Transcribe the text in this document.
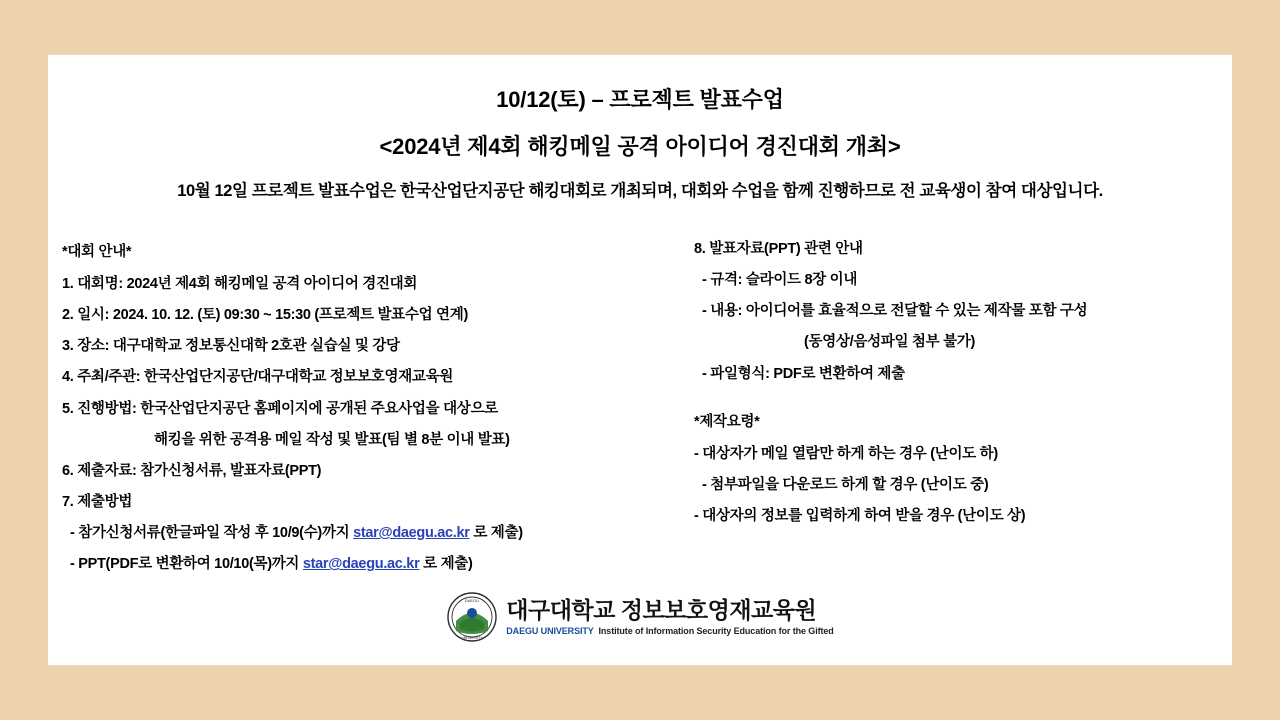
10/12(토) – 프로젝트 발표수업
<2024년 제4회 해킹메일 공격 아이디어 경진대회 개최>
10월 12일 프로젝트 발표수업은 한국산업단지공단 해킹대회로 개최되며, 대회와 수업을 함께 진행하므로 전 교육생이 참여 대상입니다.
*대회 안내*
1. 대회명: 2024년 제4회 해킹메일 공격 아이디어 경진대회
2. 일시: 2024. 10. 12. (토) 09:30 ~ 15:30 (프로젝트 발표수업 연계)
3. 장소: 대구대학교 정보통신대학 2호관 실습실 및 강당
4. 주최/주관: 한국산업단지공단/대구대학교 정보보호영재교육원
5. 진행방법: 한국산업단지공단 홈페이지에 공개된 주요사업을 대상으로
해킹을 위한 공격용 메일 작성 및 발표(팀 별 8분 이내 발표)
6. 제출자료: 참가신청서류, 발표자료(PPT)
7. 제출방법
- 참가신청서류(한글파일 작성 후 10/9(수)까지 star@daegu.ac.kr 로 제출)
- PPT(PDF로 변환하여 10/10(목)까지 star@daegu.ac.kr 로 제출)
8. 발표자료(PPT) 관련 안내
- 규격: 슬라이드 8장 이내
- 내용: 아이디어를 효율적으로 전달할 수 있는 제작물 포함 구성
(동영상/음성파일 첨부 불가)
- 파일형식: PDF로 변환하여 제출
*제작요령*
- 대상자가 메일 열람만 하게 하는 경우 (난이도 하)
- 첨부파일을 다운로드 하게 할 경우 (난이도 중)
- 대상자의 정보를 입력하게 하여 받을 경우 (난이도 상)
DAEGU
UNIVERSITY
대구대학교 정보보호영재교육원
DAEGU UNIVERSITY Institute of Information Security Education for the Gifted
